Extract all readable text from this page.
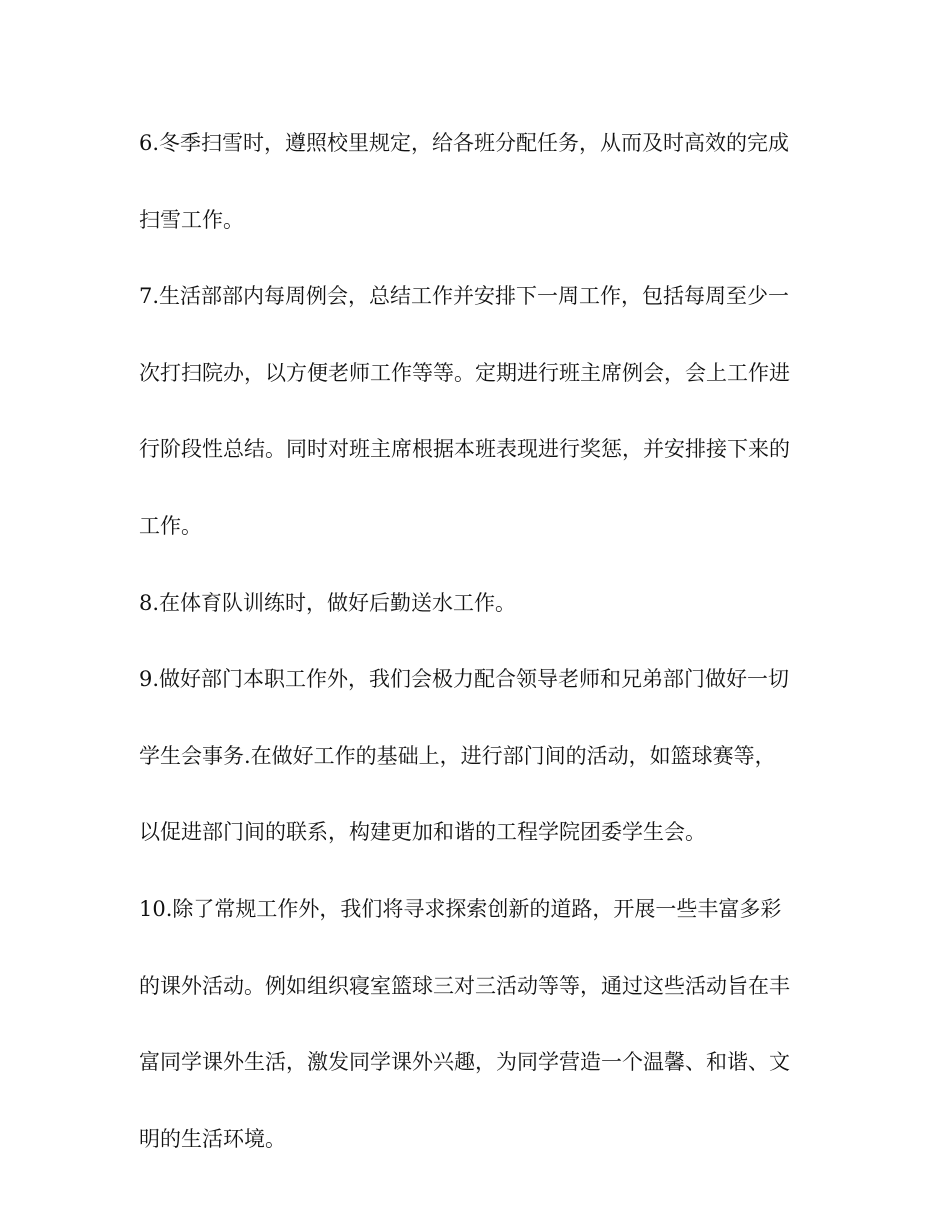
6.冬季扫雪时，遵照校里规定，给各班分配任务，从而及时高效的完成
扫雪工作。

7.生活部部内每周例会，总结工作并安排下一周工作，包括每周至少一
次打扫院办，以方便老师工作等等。定期进行班主席例会，会上工作进
行阶段性总结。同时对班主席根据本班表现进行奖惩，并安排接下来的
工作。

8.在体育队训练时，做好后勤送水工作。

9.做好部门本职工作外，我们会极力配合领导老师和兄弟部门做好一切
学生会事务.在做好工作的基础上，进行部门间的活动，如篮球赛等，
以促进部门间的联系，构建更加和谐的工程学院团委学生会。

10.除了常规工作外，我们将寻求探索创新的道路，开展一些丰富多彩
的课外活动。例如组织寝室篮球三对三活动等等，通过这些活动旨在丰
富同学课外生活，激发同学课外兴趣，为同学营造一个温馨、和谐、文
明的生活环境。
